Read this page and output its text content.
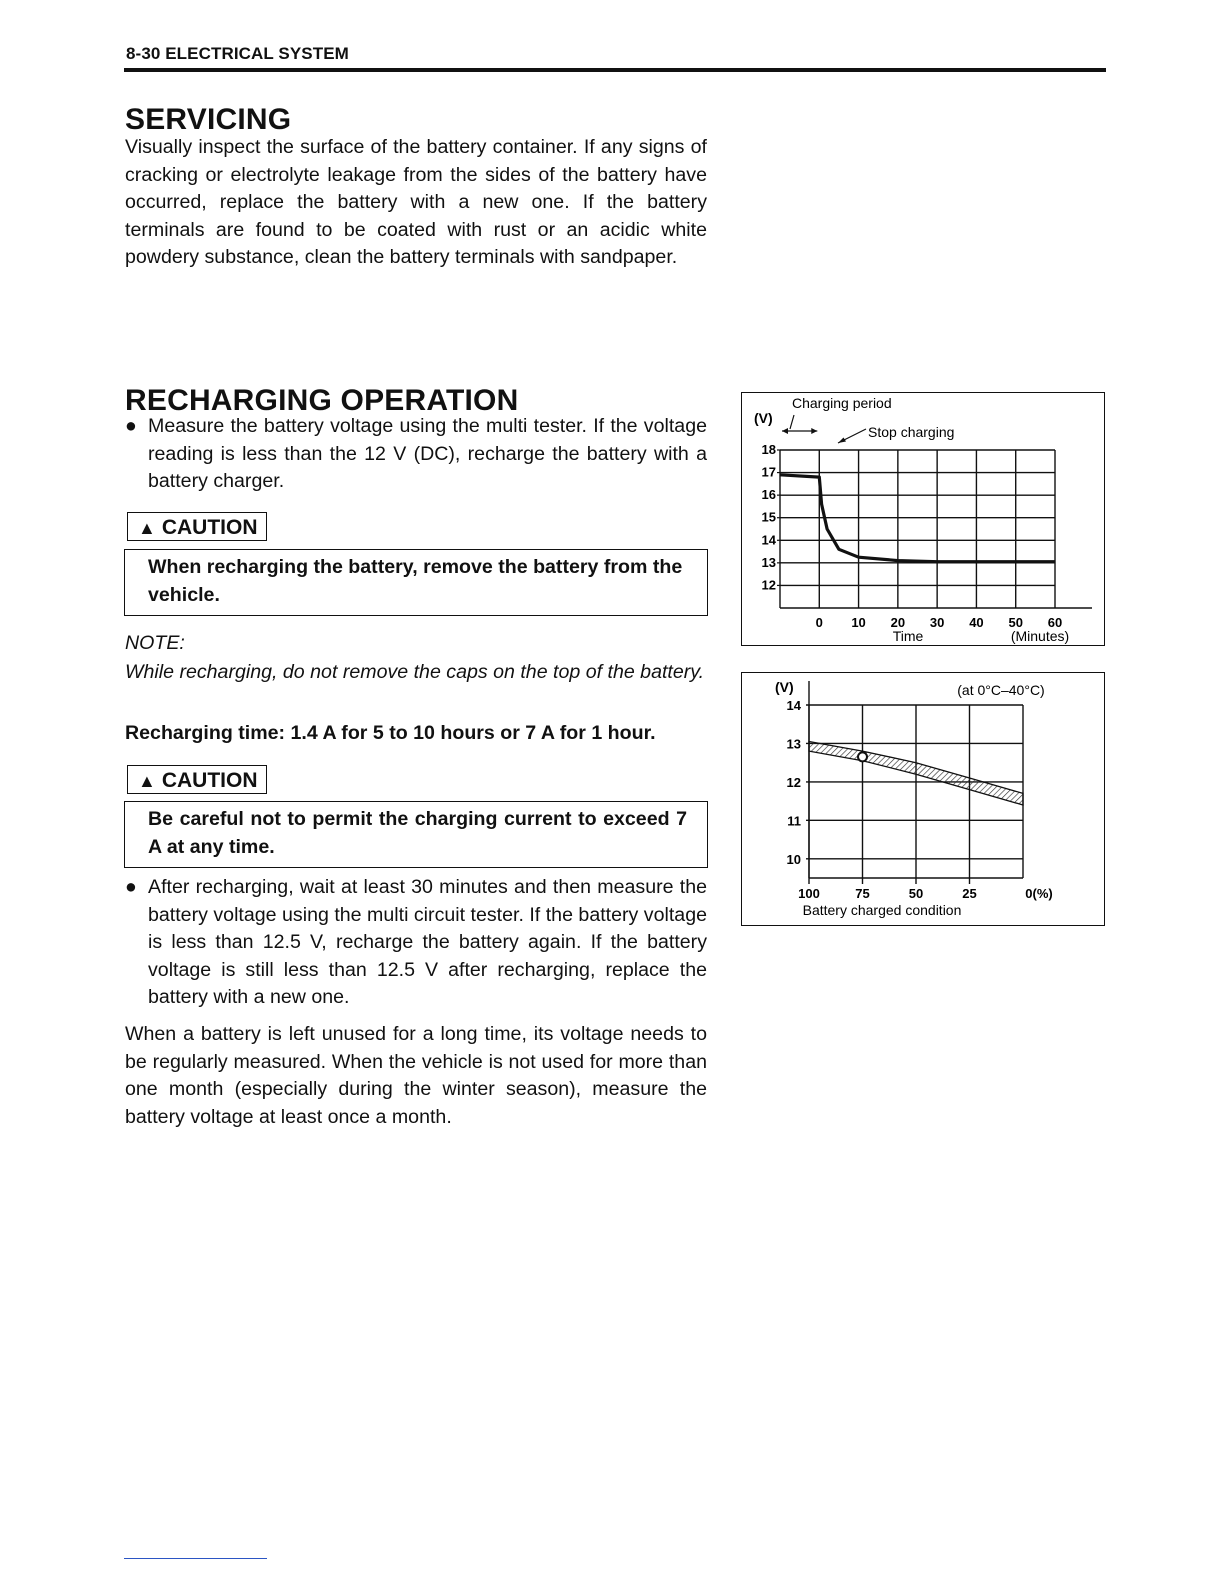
8-30 ELECTRICAL SYSTEM
SERVICING
Visually inspect the surface of the battery container. If any signs of cracking or electrolyte leakage from the sides of the battery have occurred, replace the battery with a new one. If the battery terminals are found to be coated with rust or an acidic white powdery substance, clean the battery terminals with sandpaper.
RECHARGING OPERATION
● Measure the battery voltage using the multi tester. If the voltage reading is less than the 12 V (DC), recharge the battery with a battery charger.
▲ CAUTION
When recharging the battery, remove the battery from the vehicle.
NOTE:
While recharging, do not remove the caps on the top of the battery.
Recharging time: 1.4 A for 5 to 10 hours or 7 A for 1 hour.
▲ CAUTION
Be careful not to permit the charging current to exceed 7 A at any time.
● After recharging, wait at least 30 minutes and then measure the battery voltage using the multi circuit tester. If the battery voltage is less than 12.5 V, recharge the battery again. If the battery voltage is still less than 12.5 V after recharging, replace the battery with a new one.
When a battery is left unused for a long time, its voltage needs to be regularly measured. When the vehicle is not used for more than one month (especially during the winter season), measure the battery voltage at least once a month.
0 10 20 30 40 50 60
12
13
14
15
16
17
18
(V)
Time	(Minutes)
Charging period
Stop charging
100	75	50	25	0(%)
10
11
12
13
14
(V)	(at 0°C–40°C)
Battery charged condition
